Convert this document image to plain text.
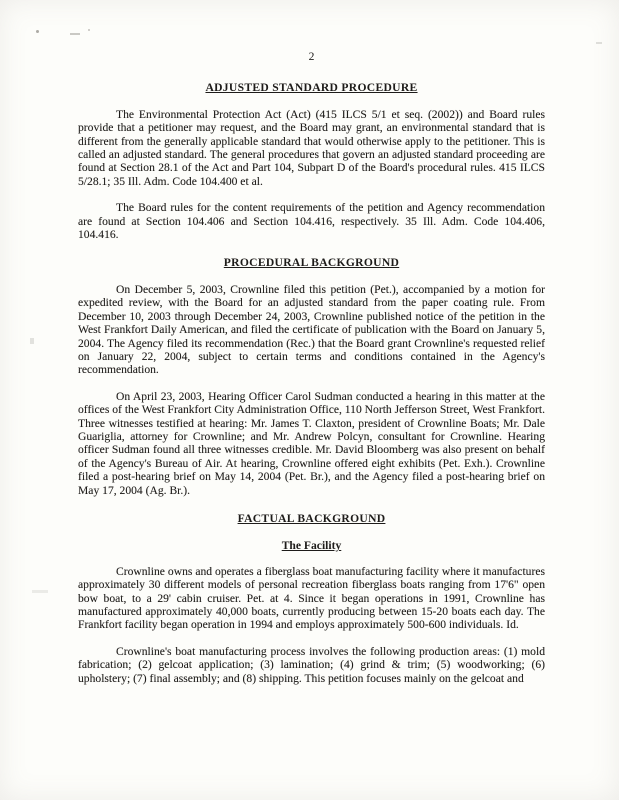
2
ADJUSTED STANDARD PROCEDURE

The Environmental Protection Act (Act) (415 ILCS 5/1 et seq. (2002)) and Board rules provide that a petitioner may request, and the Board may grant, an environmental standard that is different from the generally applicable standard that would otherwise apply to the petitioner. This is called an adjusted standard. The general procedures that govern an adjusted standard proceeding are found at Section 28.1 of the Act and Part 104, Subpart D of the Board's procedural rules. 415 ILCS 5/28.1; 35 Ill. Adm. Code 104.400 et al.

The Board rules for the content requirements of the petition and Agency recommendation are found at Section 104.406 and Section 104.416, respectively. 35 Ill. Adm. Code 104.406, 104.416.

PROCEDURAL BACKGROUND

On December 5, 2003, Crownline filed this petition (Pet.), accompanied by a motion for expedited review, with the Board for an adjusted standard from the paper coating rule. From December 10, 2003 through December 24, 2003, Crownline published notice of the petition in the West Frankfort Daily American, and filed the certificate of publication with the Board on January 5, 2004. The Agency filed its recommendation (Rec.) that the Board grant Crownline's requested relief on January 22, 2004, subject to certain terms and conditions contained in the Agency's recommendation.

On April 23, 2003, Hearing Officer Carol Sudman conducted a hearing in this matter at the offices of the West Frankfort City Administration Office, 110 North Jefferson Street, West Frankfort. Three witnesses testified at hearing: Mr. James T. Claxton, president of Crownline Boats; Mr. Dale Guariglia, attorney for Crownline; and Mr. Andrew Polcyn, consultant for Crownline. Hearing officer Sudman found all three witnesses credible. Mr. David Bloomberg was also present on behalf of the Agency's Bureau of Air. At hearing, Crownline offered eight exhibits (Pet. Exh.). Crownline filed a post-hearing brief on May 14, 2004 (Pet. Br.), and the Agency filed a post-hearing brief on May 17, 2004 (Ag. Br.).

FACTUAL BACKGROUND
The Facility

Crownline owns and operates a fiberglass boat manufacturing facility where it manufactures approximately 30 different models of personal recreation fiberglass boats ranging from 17'6" open bow boat, to a 29' cabin cruiser. Pet. at 4. Since it began operations in 1991, Crownline has manufactured approximately 40,000 boats, currently producing between 15-20 boats each day. The Frankfort facility began operation in 1994 and employs approximately 500-600 individuals. Id.

Crownline's boat manufacturing process involves the following production areas: (1) mold fabrication; (2) gelcoat application; (3) lamination; (4) grind & trim; (5) woodworking; (6) upholstery; (7) final assembly; and (8) shipping. This petition focuses mainly on the gelcoat and
